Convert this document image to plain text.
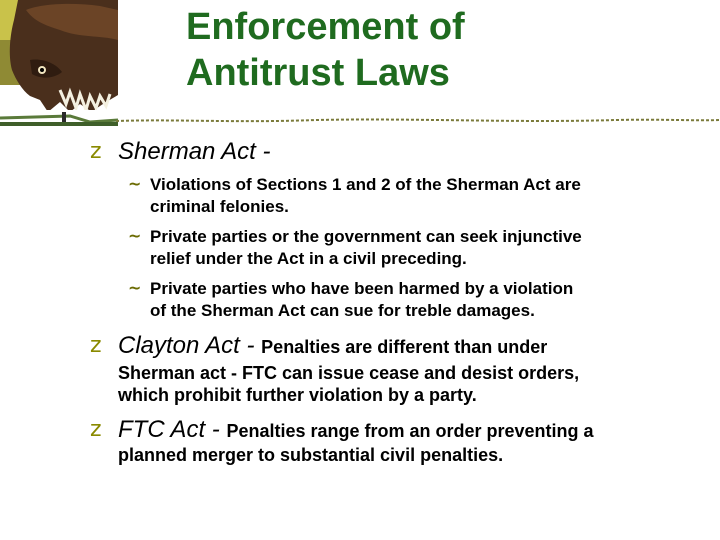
Enforcement of
Antitrust Laws
z Sherman Act -
~ Violations of Sections 1 and 2 of the Sherman Act are
criminal felonies.
~ Private parties or the government can seek injunctive
relief under the Act in a civil preceding.
~ Private parties who have been harmed by a violation
of the Sherman Act can sue for treble damages.
z Clayton Act - Penalties are different than under
Sherman act - FTC can issue cease and desist orders,
which prohibit further violation by a party.
z FTC Act - Penalties range from an order preventing a
planned merger to substantial civil penalties.
